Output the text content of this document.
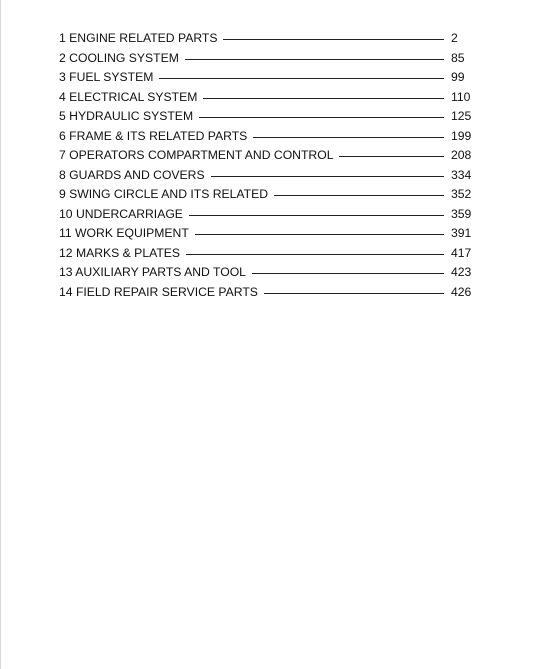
1 ENGINE RELATED PARTS	2
2 COOLING SYSTEM	85
3 FUEL SYSTEM	99
4 ELECTRICAL SYSTEM	110
5 HYDRAULIC SYSTEM	125
6 FRAME & ITS RELATED PARTS	199
7 OPERATORS COMPARTMENT AND CONTROL	208
8 GUARDS AND COVERS	334
9 SWING CIRCLE AND ITS RELATED	352
10 UNDERCARRIAGE	359
11 WORK EQUIPMENT	391
12 MARKS & PLATES	417
13 AUXILIARY PARTS AND TOOL	423
14 FIELD REPAIR SERVICE PARTS	426
